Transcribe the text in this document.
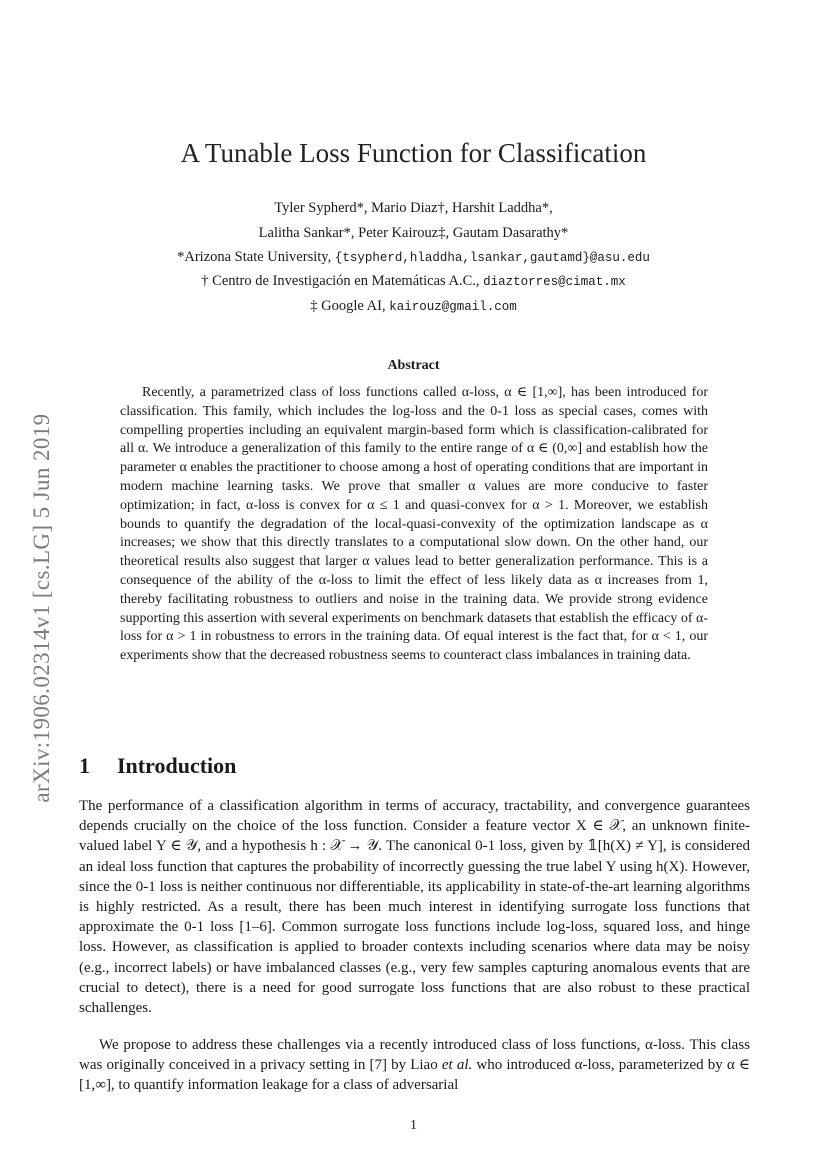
arXiv:1906.02314v1 [cs.LG] 5 Jun 2019
A Tunable Loss Function for Classification
Tyler Sypherd*, Mario Diaz†, Harshit Laddha*,
Lalitha Sankar*, Peter Kairouz‡, Gautam Dasarathy*
*Arizona State University, {tsypherd,hladdha,lsankar,gautamd}@asu.edu
† Centro de Investigación en Matemáticas A.C., diaztorres@cimat.mx
‡ Google AI, kairouz@gmail.com
Abstract

Recently, a parametrized class of loss functions called α-loss, α ∈ [1,∞], has been introduced for classification. This family, which includes the log-loss and the 0-1 loss as special cases, comes with compelling properties including an equivalent margin-based form which is classification-calibrated for all α. We introduce a generalization of this family to the entire range of α ∈ (0,∞] and establish how the parameter α enables the practitioner to choose among a host of operating conditions that are important in modern machine learning tasks. We prove that smaller α values are more conducive to faster optimization; in fact, α-loss is convex for α ≤ 1 and quasi-convex for α > 1. Moreover, we establish bounds to quantify the degradation of the local-quasi-convexity of the optimization landscape as α increases; we show that this directly translates to a computational slow down. On the other hand, our theoretical results also suggest that larger α values lead to better generalization performance. This is a consequence of the ability of the α-loss to limit the effect of less likely data as α increases from 1, thereby facilitating robustness to outliers and noise in the training data. We provide strong evidence supporting this assertion with several experiments on benchmark datasets that establish the efficacy of α-loss for α > 1 in robustness to errors in the training data. Of equal interest is the fact that, for α < 1, our experiments show that the decreased robustness seems to counteract class imbalances in training data.

1 Introduction

The performance of a classification algorithm in terms of accuracy, tractability, and convergence guarantees depends crucially on the choice of the loss function. Consider a feature vector X ∈ 𝒳, an unknown finite-valued label Y ∈ 𝒴, and a hypothesis h : 𝒳 → 𝒴. The canonical 0-1 loss, given by 𝟙[h(X) ≠ Y], is considered an ideal loss function that captures the probability of incorrectly guessing the true label Y using h(X). However, since the 0-1 loss is neither continuous nor differentiable, its applicability in state-of-the-art learning algorithms is highly restricted. As a result, there has been much interest in identifying surrogate loss functions that approximate the 0-1 loss [1–6]. Common surrogate loss functions include log-loss, squared loss, and hinge loss. However, as classification is applied to broader contexts including scenarios where data may be noisy (e.g., incorrect labels) or have imbalanced classes (e.g., very few samples capturing anomalous events that are crucial to detect), there is a need for good surrogate loss functions that are also robust to these practical schallenges.

We propose to address these challenges via a recently introduced class of loss functions, α-loss. This class was originally conceived in a privacy setting in [7] by Liao et al. who introduced α-loss, parameterized by α ∈ [1,∞], to quantify information leakage for a class of adversarial

1
